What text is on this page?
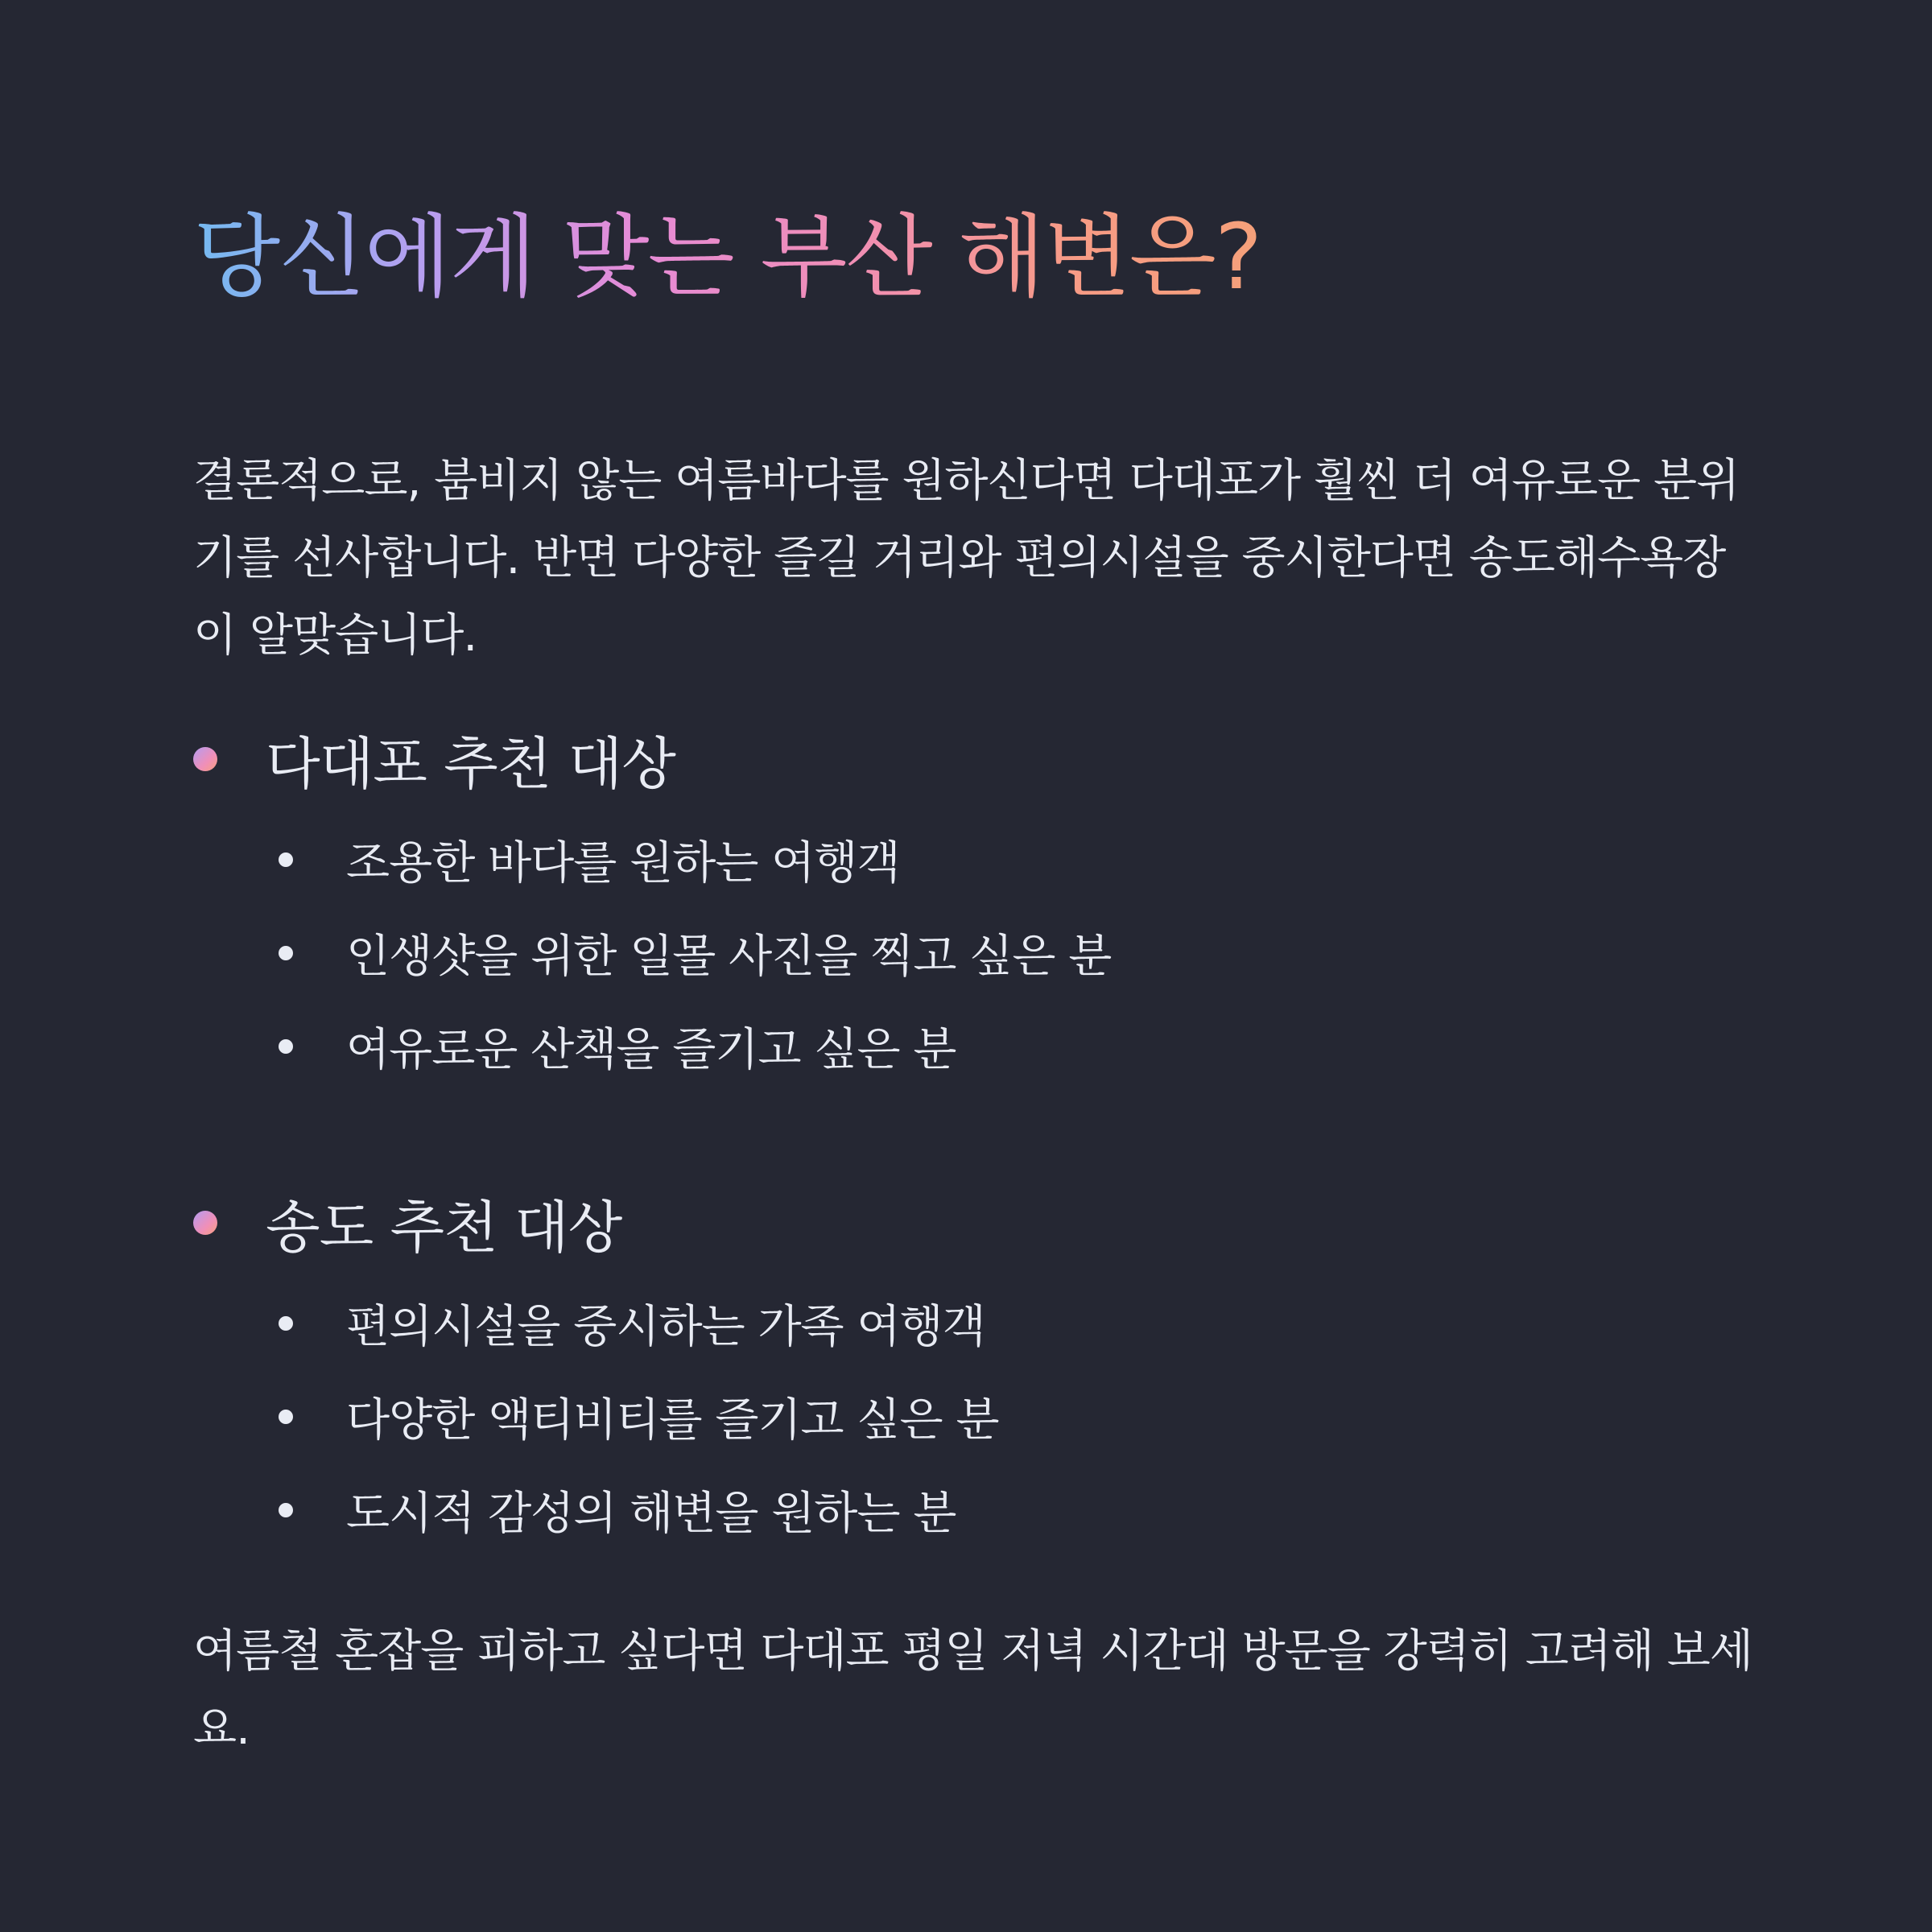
당신에게 맞는 부산 해변은?

결론적으로, 붐비지 않는 여름바다를 원하신다면 다대포가 훨씬 더 여유로운 분위기를 선사합니다. 반면 다양한 즐길 거리와 편의시설을 중시한다면 송도해수욕장이 알맞습니다.

다대포 추천 대상
조용한 바다를 원하는 여행객
인생샷을 위한 일몰 사진을 찍고 싶은 분
여유로운 산책을 즐기고 싶은 분
송도 추천 대상
편의시설을 중시하는 가족 여행객
다양한 액티비티를 즐기고 싶은 분
도시적 감성의 해변을 원하는 분

여름철 혼잡을 피하고 싶다면 다대포 평일 저녁 시간대 방문을 강력히 고려해 보세요.
